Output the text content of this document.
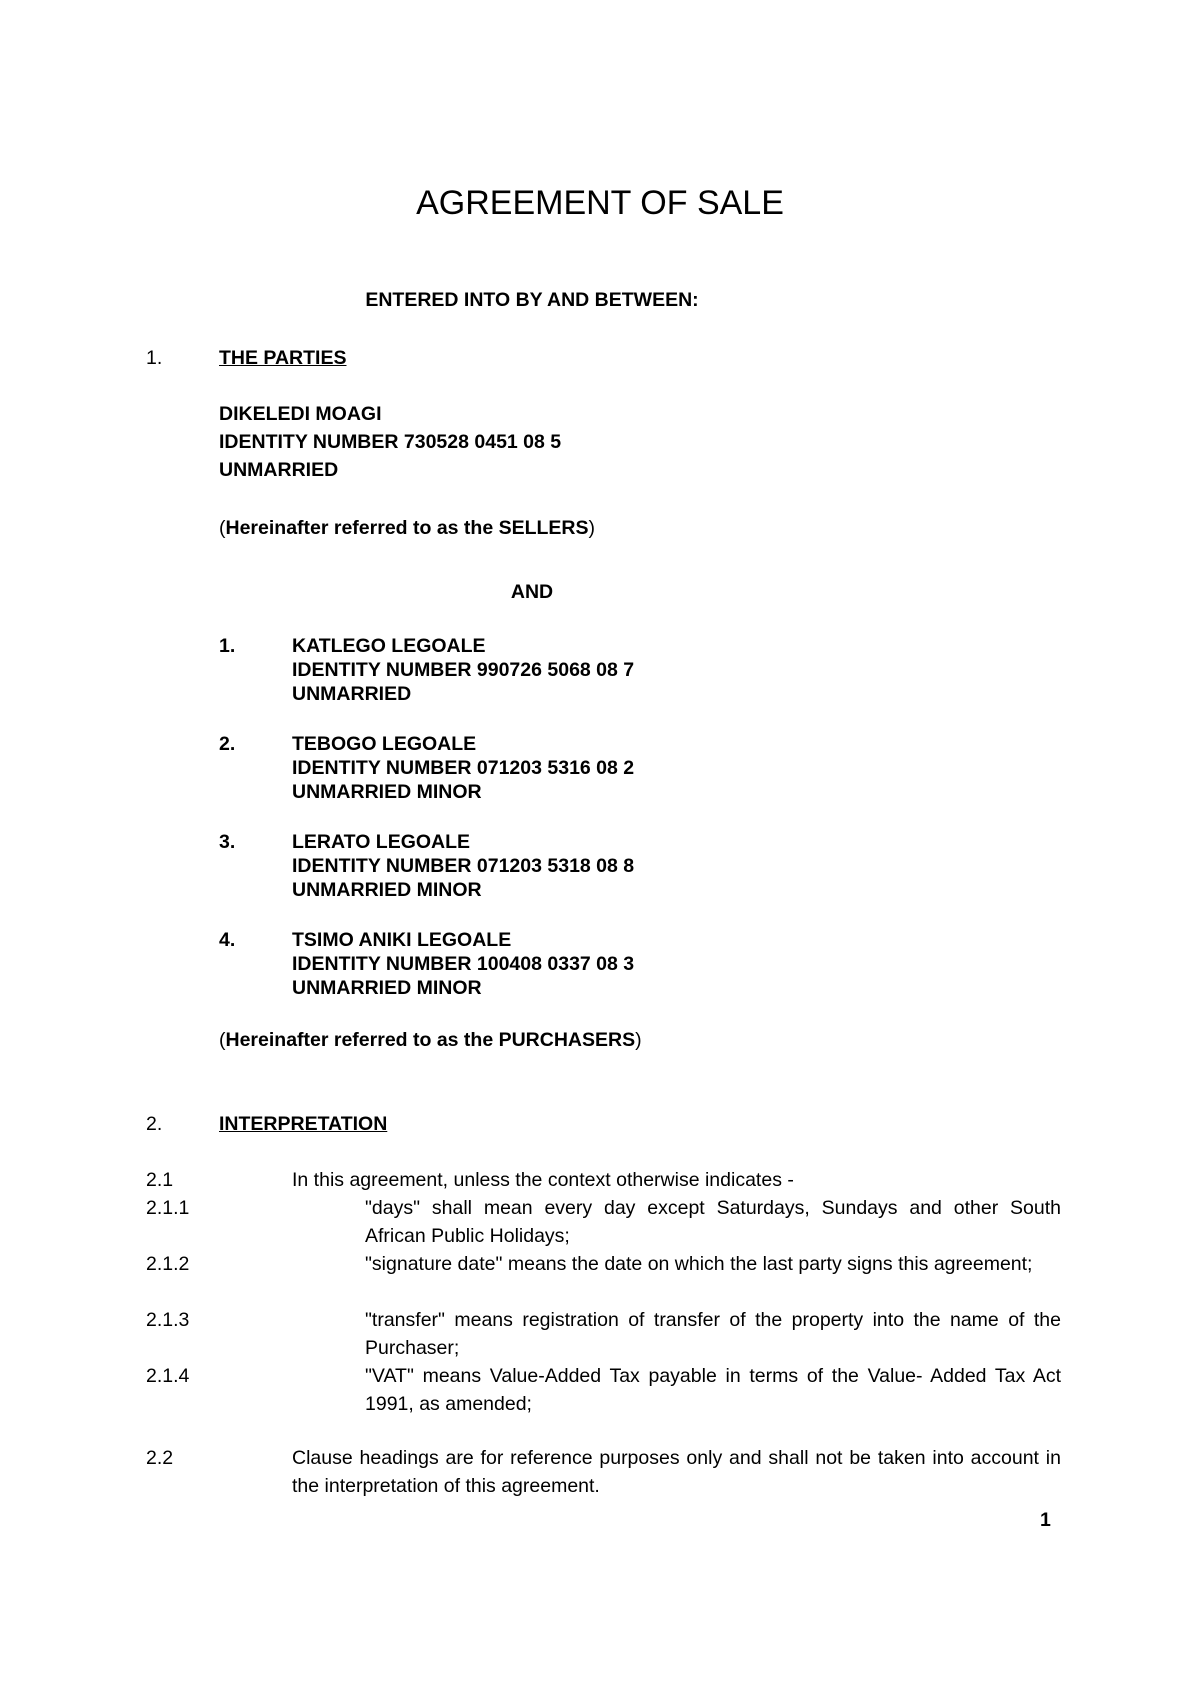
AGREEMENT OF SALE
ENTERED INTO BY AND BETWEEN:
1.	THE PARTIES
DIKELEDI MOAGI
IDENTITY NUMBER 730528 0451 08 5
UNMARRIED
(Hereinafter referred to as the SELLERS)
AND
1.	KATLEGO LEGOALE
IDENTITY NUMBER 990726 5068 08 7
UNMARRIED
2.	TEBOGO LEGOALE
IDENTITY NUMBER 071203 5316 08 2
UNMARRIED MINOR
3.	LERATO LEGOALE
IDENTITY NUMBER 071203 5318 08 8
UNMARRIED MINOR
4.	TSIMO ANIKI LEGOALE
IDENTITY NUMBER 100408 0337 08 3
UNMARRIED MINOR
(Hereinafter referred to as the PURCHASERS)
2.	INTERPRETATION
2.1	In this agreement, unless the context otherwise indicates -
2.1.1	"days" shall mean every day except Saturdays, Sundays and other South African Public Holidays;
2.1.2	"signature date" means the date on which the last party signs this agreement;
2.1.3	"transfer" means registration of transfer of the property into the name of the Purchaser;
2.1.4	"VAT" means Value-Added Tax payable in terms of the Value- Added Tax Act 1991, as amended;
2.2	Clause headings are for reference purposes only and shall not be taken into account in the interpretation of this agreement.
1
